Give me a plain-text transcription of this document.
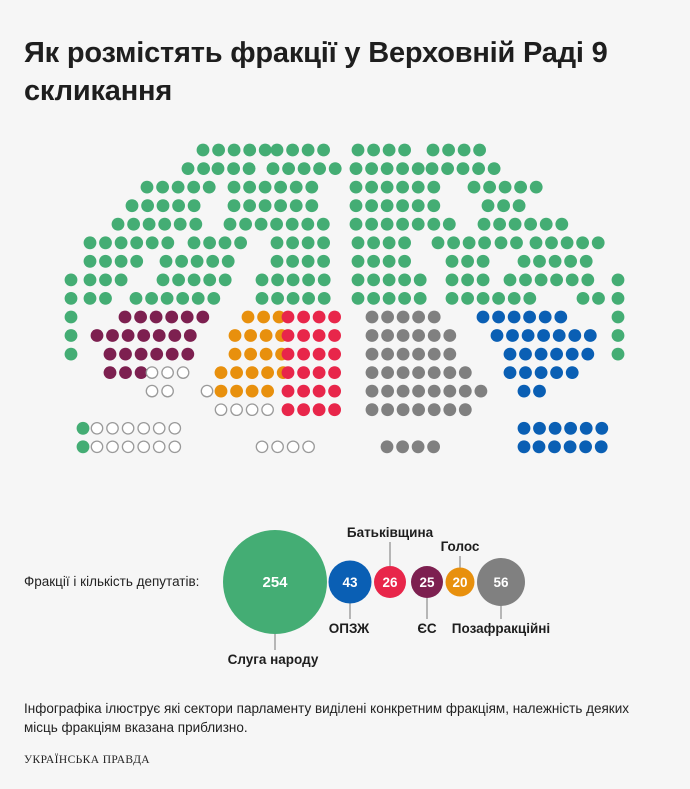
Як розмістять фракції у Верховній Раді 9 скликання
Фракції і кількість депутатів:	254
Слуга народу
43
ОПЗЖ
26
Батьківщина
25
ЄС
20
Голос
56
Позафракційні
Інфографіка ілюструє які сектори парламенту виділені конкретним фракціям, належність деяких місць фракціям вказана приблизно.
УКРАЇНСЬКА ПРАВДА
